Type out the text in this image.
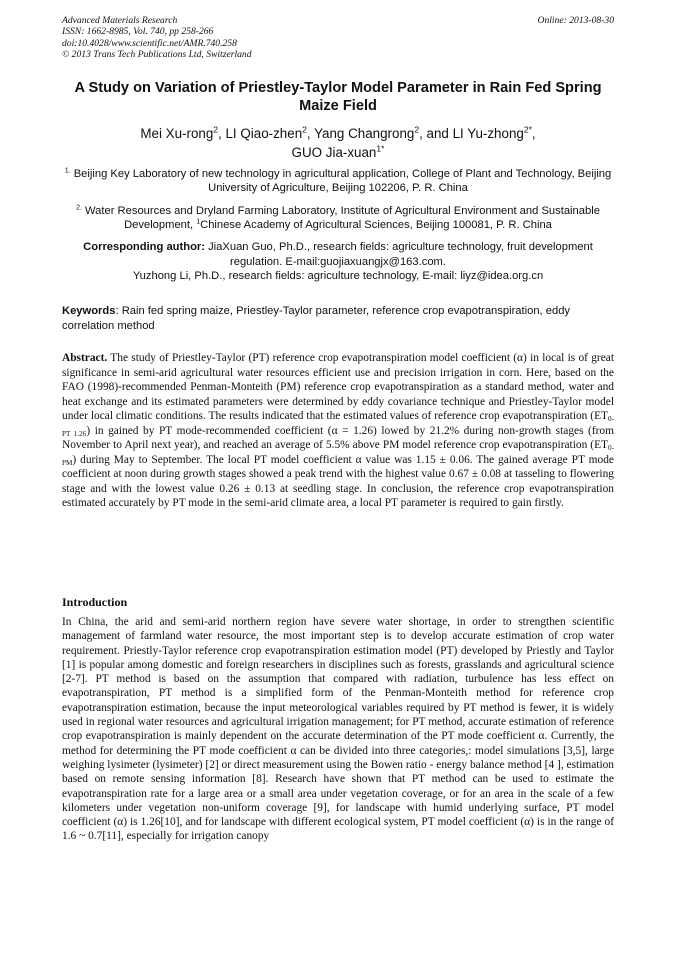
Advanced Materials Research
ISSN: 1662-8985, Vol. 740, pp 258-266
doi:10.4028/www.scientific.net/AMR.740.258
© 2013 Trans Tech Publications Ltd, Switzerland
Online: 2013-08-30
A Study on Variation of Priestley-Taylor Model Parameter in Rain Fed Spring Maize Field
Mei Xu-rong$^2$, LI Qiao-zhen$^2$, Yang Changrong$^2$, and LI Yu-zhong$^{2*}$,
GUO Jia-xuan$^{1*}$
$^{1.}$ Beijing Key Laboratory of new technology in agricultural application, College of Plant and Technology, Beijing University of Agriculture, Beijing 102206, P. R. China
$^{2.}$ Water Resources and Dryland Farming Laboratory, Institute of Agricultural Environment and Sustainable Development, $^1$Chinese Academy of Agricultural Sciences, Beijing 100081, P. R. China
Corresponding author: JiaXuan Guo, Ph.D., research fields: agriculture technology, fruit development regulation. E-mail:guojiaxuangjx@163.com.
Yuzhong Li, Ph.D., research fields: agriculture technology, E-mail: liyz@idea.org.cn
Keywords: Rain fed spring maize, Priestley-Taylor parameter, reference crop evapotranspiration, eddy correlation method
Abstract. The study of Priestley-Taylor (PT) reference crop evapotranspiration model coefficient (α) in local is of great significance in semi-arid agricultural water resources efficient use and precision irrigation in corn. Here, based on the FAO (1998)-recommended Penman-Monteith (PM) reference crop evapotranspiration as a standard method, water and heat exchange and its estimated parameters were determined by eddy covariance technique and Priestley-Taylor model under local climatic conditions. The results indicated that the estimated values of reference crop evapotranspiration $(ET_{0-PT 1.26})$ in gained by PT mode-recommended coefficient (α = 1.26) lowed by 21.2% during non-growth stages (from November to April next year), and reached an average of 5.5% above PM model reference crop evapotranspiration $(ET_{0-PM})$ during May to September. The local PT model coefficient α value was 1.15 ± 0.06. The gained average PT mode coefficient at noon during growth stages showed a peak trend with the highest value 0.67 ± 0.08 at tasseling to flowering stage and with the lowest value 0.26 ± 0.13 at seedling stage. In conclusion, the reference crop evapotranspiration estimated accurately by PT mode in the semi-arid climate area, a local PT parameter is required to gain firstly.
Introduction
In China, the arid and semi-arid northern region have severe water shortage, in order to strengthen scientific management of farmland water resource, the most important step is to develop accurate estimation of crop water requirement. Priestly-Taylor reference crop evapotranspiration estimation model (PT) developed by Priestly and Taylor [1] is popular among domestic and foreign researchers in disciplines such as forests, grasslands and agricultural science [2-7]. PT method is based on the assumption that compared with radiation, turbulence has less effect on evapotranspiration, PT method is a simplified form of the Penman-Monteith method for reference crop evapotranspiration estimation, because the input meteorological variables required by PT method is fewer, it is widely used in regional water resources and agricultural irrigation management; for PT method, accurate estimation of reference crop evapotranspiration is mainly dependent on the accurate determination of the PT mode coefficient α. Currently, the method for determining the PT mode coefficient α can be divided into three categories,: model simulations [3,5], large weighing lysimeter (lysimeter) [2] or direct measurement using the Bowen ratio - energy balance method [4 ], estimation based on remote sensing information [8]. Research have shown that PT method can be used to estimate the evapotranspiration rate for a large area or a small area under vegetation coverage, or for an area in the scale of a few kilometers under vegetation non-uniform coverage [9], for landscape with humid underlying surface, PT model coefficient (α) is 1.26[10], and for landscape with different ecological system, PT model coefficient (α) is in the range of 1.6 ~ 0.7[11], especially for irrigation canopy
